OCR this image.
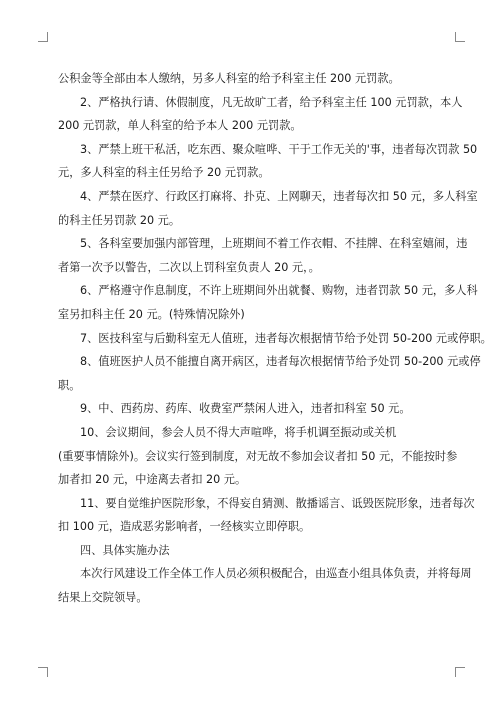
公积金等全部由本人缴纳，另多人科室的给予科室主任 200 元罚款。
2、严格执行请、休假制度，凡无故旷工者，给予科室主任 100 元罚款，本人
200 元罚款，单人科室的给予本人 200 元罚款。
3、严禁上班干私活，吃东西、聚众喧哗、干于工作无关的'事，违者每次罚款 50
元，多人科室的科主任另给予 20 元罚款。
4、严禁在医疗、行政区打麻将、扑克、上网聊天，违者每次扣 50 元，多人科室
的科主任另罚款 20 元。
5、各科室要加强内部管理，上班期间不着工作衣帽、不挂牌、在科室嬉闹，违
者第一次予以警告，二次以上罚科室负责人 20 元，。
6、严格遵守作息制度，不许上班期间外出就餐、购物，违者罚款 50 元，多人科
室另扣科主任 20 元。(特殊情况除外)
7、医技科室与后勤科室无人值班，违者每次根据情节给予处罚 50-200 元或停职。
8、值班医护人员不能擅自离开病区，违者每次根据情节给予处罚 50-200 元或停
职。
9、中、西药房、药库、收费室严禁闲人进入，违者扣科室 50 元。
10、会议期间，参会人员不得大声喧哗，将手机调至振动或关机
(重要事情除外)。会议实行签到制度，对无故不参加会议者扣 50 元，不能按时参
加者扣 20 元，中途离去者扣 20 元。
11、要自觉维护医院形象，不得妄自猜测、散播谣言、诋毁医院形象，违者每次
扣 100 元，造成恶劣影响者，一经核实立即停职。
四、具体实施办法
本次行风建设工作全体工作人员必须积极配合，由巡查小组具体负责，并将每周
结果上交院领导。
